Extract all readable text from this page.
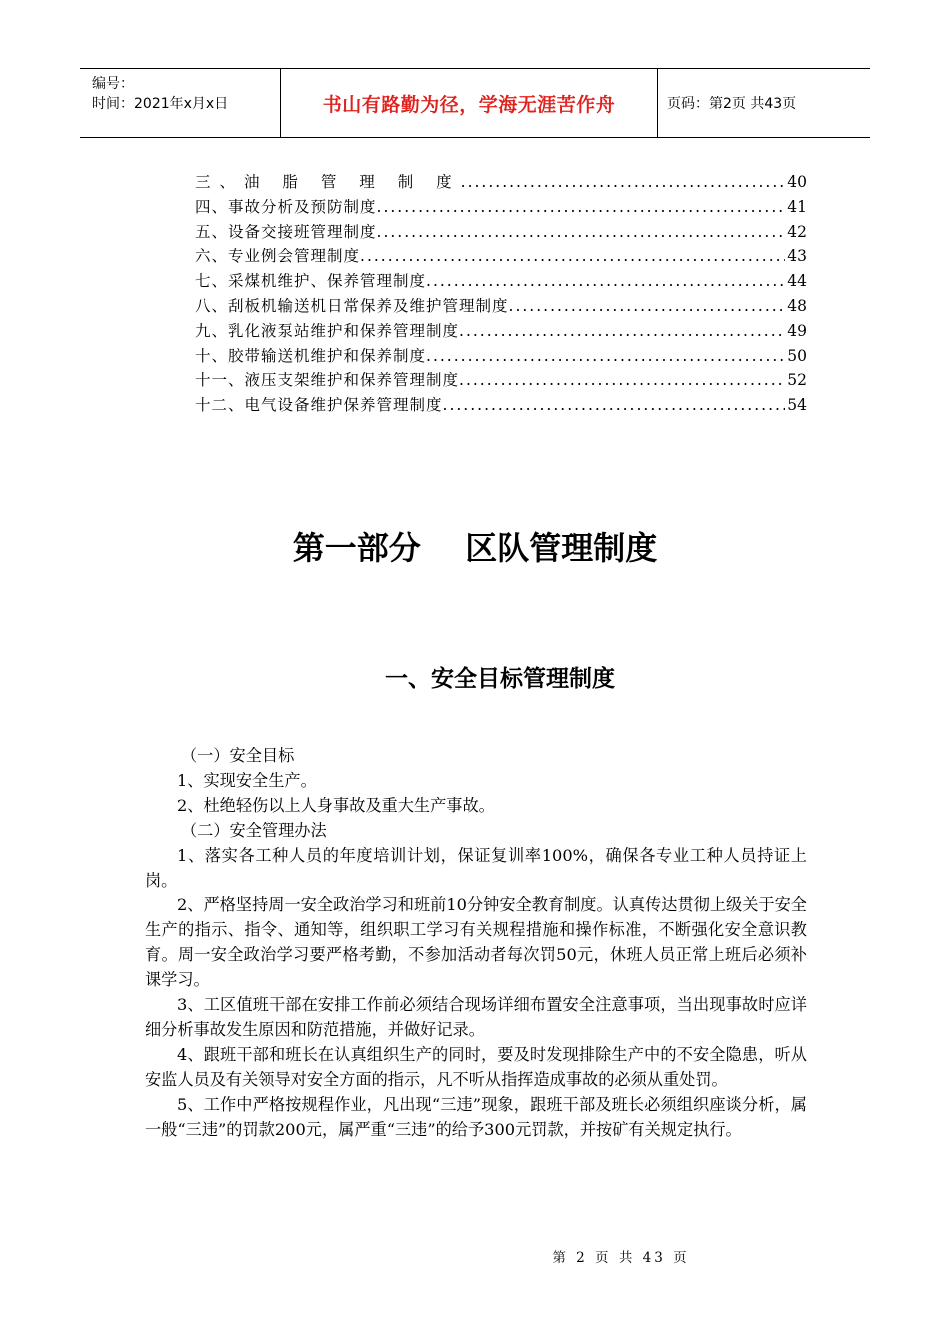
编号：
时间：2021年x月x日	书山有路勤为径，学海无涯苦作舟	页码：第2页 共43页
三、油 脂 管 理 制 度 .....	40
四、事故分析及预防制度 .....	41
五、设备交接班管理制度 .....	42
六、专业例会管理制度 .....	43
七、采煤机维护、保养管理制度 .....	44
八、刮板机输送机日常保养及维护管理制度 .....	48
九、乳化液泵站维护和保养管理制度 .....	49
十、胶带输送机维护和保养制度 .....	50
十一、液压支架维护和保养管理制度 .....	52
十二、电气设备维护保养管理制度 .....	54
第一部分    区队管理制度
一、安全目标管理制度

（一）安全目标

1、实现安全生产。

2、杜绝轻伤以上人身事故及重大生产事故。

（二）安全管理办法

1、落实各工种人员的年度培训计划，保证复训率100%，确保各专业工种人员持证上岗。

2、严格坚持周一安全政治学习和班前10分钟安全教育制度。认真传达贯彻上级关于安全生产的指示、指令、通知等，组织职工学习有关规程措施和操作标准，不断强化安全意识教育。周一安全政治学习要严格考勤，不参加活动者每次罚50元，休班人员正常上班后必须补课学习。

3、工区值班干部在安排工作前必须结合现场详细布置安全注意事项，当出现事故时应详细分析事故发生原因和防范措施，并做好记录。

4、跟班干部和班长在认真组织生产的同时，要及时发现排除生产中的不安全隐患，听从安监人员及有关领导对安全方面的指示，凡不听从指挥造成事故的必须从重处罚。

5、工作中严格按规程作业，凡出现“三违”现象，跟班干部及班长必须组织座谈分析，属一般“三违”的罚款200元，属严重“三违”的给予300元罚款，并按矿有关规定执行。

第 2 页 共 43 页
